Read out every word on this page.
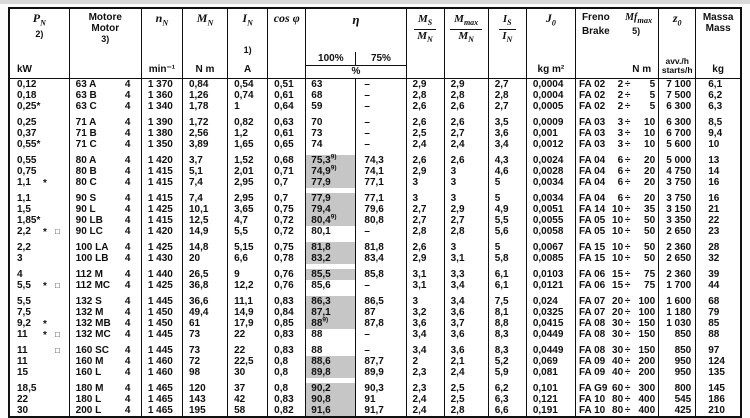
$P_N$
2)
kW

Motore
Motor
3)

$n_N$
min⁻¹

$M_N$
N m

$I_N$
1)
A

cos φ	η
100%	75%
%

$\frac{M_S}{M_N}$	$\frac{M_{max}}{M_N}$	$\frac{I_S}{I_N}$	$J_0$
kg m²

Freno $Mf_{max}$
Brake 5)
N m

$z_0$
avv./h
starts/h

Massa
Mass
kg

0,12	63 A 4	1 370	0,84	0,54	0,51	63	–	2,9	2,9	2,7	0,0004	FA 02 2 ÷ 5	7 100	6,1
0,18	63 B 4	1 360	1,26	0,74	0,61	68	–	2,8	2,8	2,8	0,0004	FA 02 2 ÷ 5	7 500	6,2
0,25*	63 C 4	1 340	1,78	1	0,64	59	–	2,6	2,6	2,7	0,0005	FA 02 2 ÷ 5	6 300	6,3

0,25	71 A 4	1 390	1,72	0,82	0,63	70	–	2,6	2,6	3,5	0,0009	FA 03 3 ÷ 10	6 300	8,5
0,37	71 B 4	1 380	2,56	1,2	0,61	73	–	2,5	2,7	3,6	0,001	FA 03 3 ÷ 10	6 700	9,4
0,55*	71 C 4	1 350	3,89	1,65	0,65	74	–	2,4	2,4	3,4	0,0012	FA 03 3 ÷ 10	5 600	10

0,55	80 A 4	1 420	3,7	1,52	0,68	75,3$^{9)}$	74,3	2,6	2,6	4,3	0,0024	FA 04 6 ÷ 20	5 000	13
0,75	80 B 4	1 415	5,1	2,01	0,71	74,9$^{9)}$	74,1	2,9	3	4,6	0,0028	FA 04 6 ÷ 20	4 750	14
1,1 *	80 C 4	1 415	7,4	2,95	0,7	77,9	77,1	3	3	5	0,0034	FA 04 6 ÷ 20	3 750	16

1,1	90 S 4	1 415	7,4	2,95	0,7	77,9	77,1	3	3	5	0,0034	FA 04 6 ÷ 20	3 750	16
1,5	90 L 4	1 425	10,1	3,65	0,75	79,4	79,6	2,7	2,9	4,9	0,0051	FA 14 10 ÷ 35	3 150	21
1,85*	90 LB 4	1 415	12,5	4,7	0,72	80,4$^{9)}$	80,8	2,7	2,7	5,5	0,0055	FA 05 10 ÷ 50	3 350	22
2,2 * □	90 LC 4	1 420	14,9	5,5	0,72	80,1	–	2,8	2,8	5,6	0,0058	FA 05 10 ÷ 50	2 650	23

2,2	100 LA 4	1 425	14,8	5,15	0,75	81,8	81,8	2,6	3	5	0,0067	FA 15 10 ÷ 50	2 360	28
3	100 LB 4	1 430	20	6,6	0,78	83,2	83,4	2,9	3,1	5,8	0,0085	FA 15 10 ÷ 50	2 650	32

4	112 M 4	1 440	26,5	9	0,76	85,5	85,8	3,1	3,3	6,1	0,0103	FA 06 15 ÷ 75	2 360	39
5,5 * □	112 MC 4	1 425	36,8	12,2	0,76	85,6	–	3,1	3,4	6,1	0,0121	FA 06 15 ÷ 75	1 700	44

5,5	132 S 4	1 445	36,6	11,1	0,83	86,3	86,5	3	3,4	7,5	0,024	FA 07 20 ÷ 100	1 600	68
7,5	132 M 4	1 450	49,4	14,9	0,84	87,1	87	3,2	3,6	8,1	0,0325	FA 07 20 ÷ 100	1 180	79
9,2 *	132 MB 4	1 450	61	17,9	0,85	88$^{9)}$	87,8	3,6	3,7	8,8	0,0415	FA 08 30 ÷ 150	1 030	85
11 * □	132 MC 4	1 445	73	22	0,83	88	–	3,4	3,6	8,3	0,0449	FA 08 30 ÷ 150	850	88

11 □	160 SC 4	1 445	73	22	0,83	88	–	3,4	3,6	8,3	0,0449	FA 08 30 ÷ 150	850	97
11	160 M 4	1 460	72	22,5	0,8	88,6	87,7	2	2,1	5,2	0,069	FA 09 40 ÷ 200	950	124
15	160 L 4	1 460	98	30	0,8	89,8	89,9	2,3	2,4	5,9	0,081	FA 09 40 ÷ 200	950	135

18,5	180 M 4	1 465	120	37	0,8	90,2	90,3	2,3	2,5	6,2	0,101	FA G9 60 ÷ 300	800	145
22	180 L 4	1 465	143	42	0,83	90,8	91	2,4	2,5	6,3	0,121	FA 10 80 ÷ 400	545	186
30	200 L 4	1 465	195	58	0,82	91,6	91,7	2,4	2,8	6,6	0,191	FA 10 80 ÷ 400	425	210
